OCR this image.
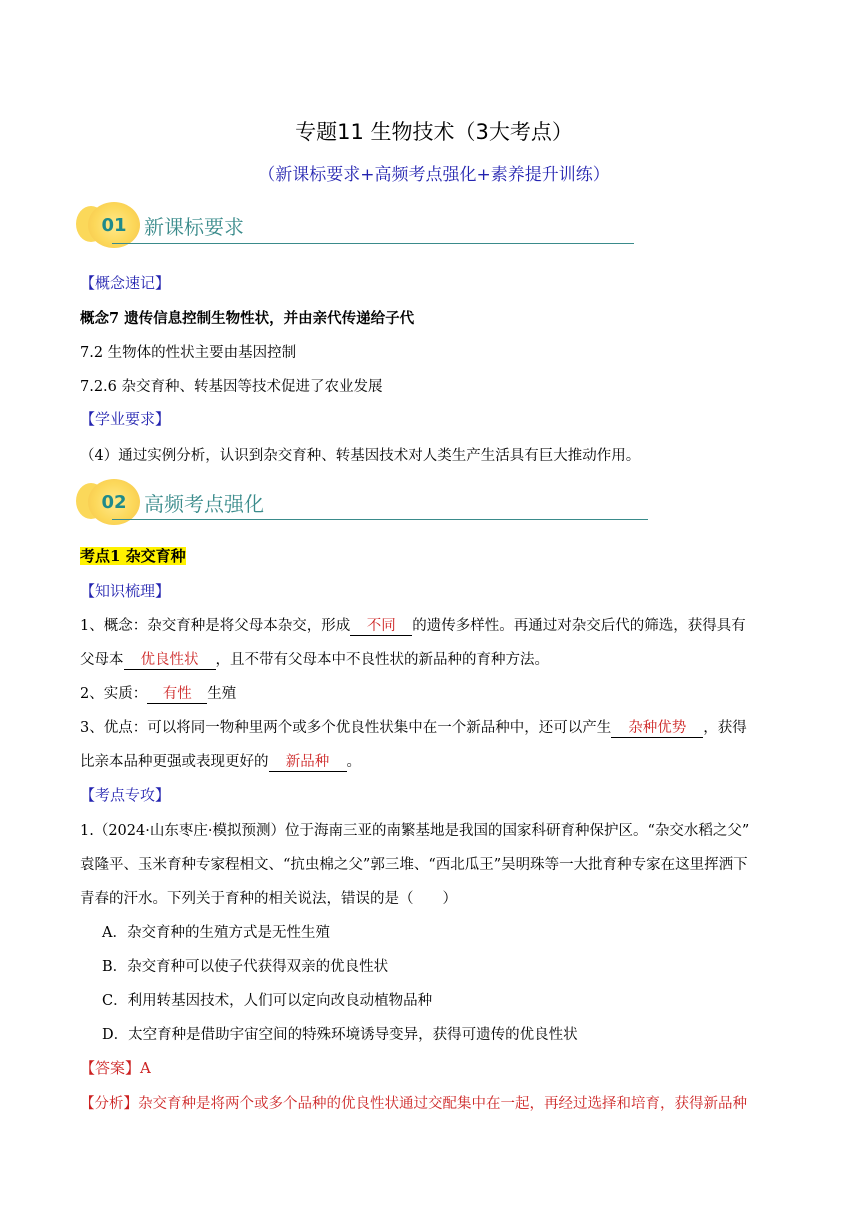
专题11 生物技术（3大考点）
（新课标要求+高频考点强化+素养提升训练）
01 新课标要求
【概念速记】
概念7 遗传信息控制生物性状，并由亲代传递给子代
7.2 生物体的性状主要由基因控制
7.2.6 杂交育种、转基因等技术促进了农业发展
【学业要求】
（4）通过实例分析，认识到杂交育种、转基因技术对人类生产生活具有巨大推动作用。
02 高频考点强化
考点1 杂交育种
【知识梳理】
1、概念：杂交育种是将父母本杂交，形成 不同 的遗传多样性。再通过对杂交后代的筛选，获得具有
父母本 优良性状 ，且不带有父母本中不良性状的新品种的育种方法。
2、实质： 有性 生殖
3、优点：可以将同一物种里两个或多个优良性状集中在一个新品种中，还可以产生 杂种优势 ，获得
比亲本品种更强或表现更好的 新品种 。
【考点专攻】
1.（2024·山东枣庄·模拟预测）位于海南三亚的南繁基地是我国的国家科研育种保护区。“杂交水稻之父”
袁隆平、玉米育种专家程相文、“抗虫棉之父”郭三堆、“西北瓜王”吴明珠等一大批育种专家在这里挥洒下
青春的汗水。下列关于育种的相关说法，错误的是（　　）
A．杂交育种的生殖方式是无性生殖
B．杂交育种可以使子代获得双亲的优良性状
C．利用转基因技术，人们可以定向改良动植物品种
D．太空育种是借助宇宙空间的特殊环境诱导变异，获得可遗传的优良性状
【答案】A
【分析】杂交育种是将两个或多个品种的优良性状通过交配集中在一起，再经过选择和培育，获得新品种
